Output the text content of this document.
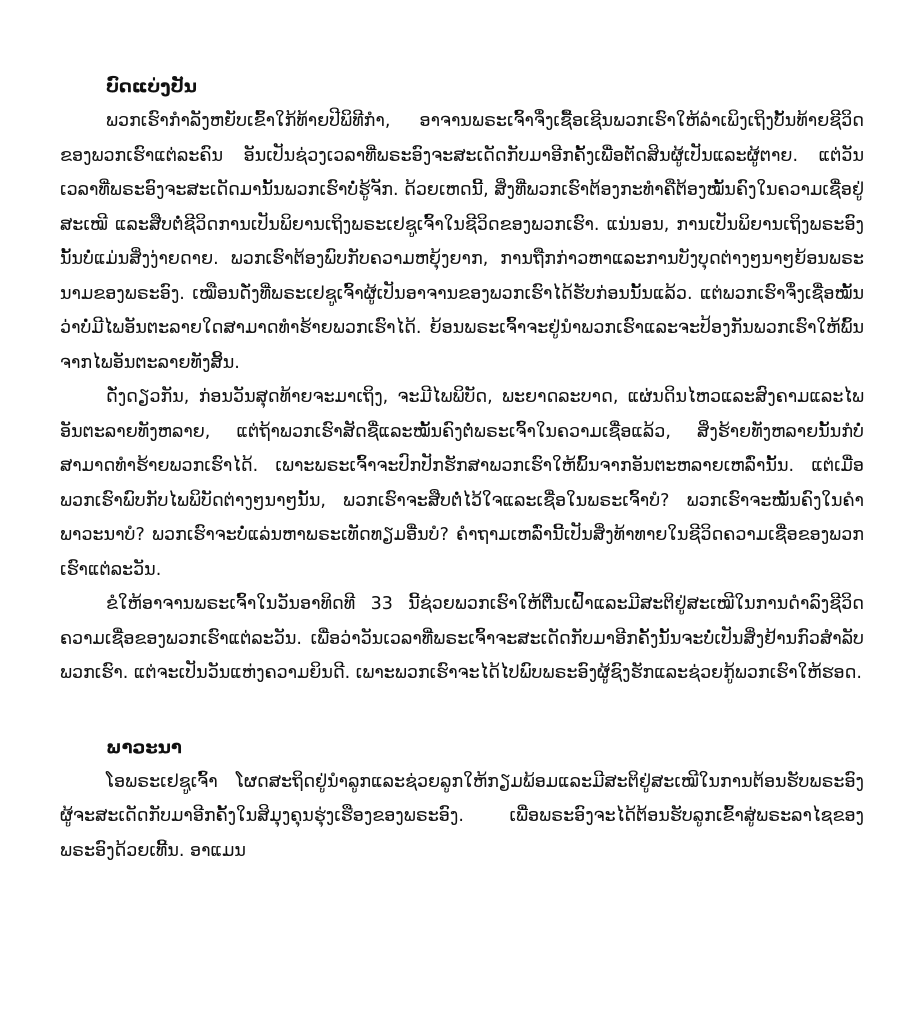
ບົດແບ່ງປັນ

ພວກເຮົາກຳລັງຫຍັບເຂົ້າໃກ້ທ້າຍປີພິທີກຳ, ອາຈານພຣະເຈົ້າຈຶ່ງເຊື້ອເຊີນພວກເຮົາໃຫ້ລຳເພິງເຖິງບັ້ນທ້າຍຊີວິດຂອງພວກເຮົາແຕ່ລະຄົນ ອັນເປັນຊ່ວງເວລາທີ່ພຣະອົງຈະສະເດັດກັບມາອີກຄັ້ງເພື່ອຕັດສິນຜູ້ເປັນແລະຜູ້ຕາຍ. ແຕ່ວັນເວລາທີ່ພຣະອົງຈະສະເດັດມານັ້ນພວກເຮົາບໍ່ຮູ້ຈັກ. ດ້ວຍເຫດນີ້, ສິ່ງທີ່ພວກເຮົາຕ້ອງກະທຳຄືຕ້ອງໝັ້ນຄົງໃນຄວາມເຊື່ອຢູ່ສະເໝີ ແລະສືບຕໍ່ຊີວິດການເປັນພິຍານເຖິງພຣະເຢຊູເຈົ້າໃນຊີວິດຂອງພວກເຮົາ. ແນ່ນອນ, ການເປັນພິຍານເຖິງພຣະອົງນັ້ນບໍ່ແມ່ນສິ່ງງ່າຍດາຍ. ພວກເຮົາຕ້ອງພົບກັບຄວາມຫຍຸ້ງຍາກ, ການຖືກກ່າວຫາແລະການບັງບຸດຕ່າງໆນາໆຍ້ອນພຣະນາມຂອງພຣະອົງ. ເໝືອນດັ່ງທີ່ພຣະເຢຊູເຈົ້າຜູ້ເປັນອາຈານຂອງພວກເຮົາໄດ້ຮັບກ່ອນນັ້ນແລ້ວ. ແຕ່ພວກເຮົາຈຶ່ງເຊື່ອໝັ້ນວ່າບໍ່ມີໄພອັນຕະລາຍໃດສາມາດທຳຮ້າຍພວກເຮົາໄດ້. ຍ້ອນພຣະເຈົ້າຈະຢູ່ນຳພວກເຮົາແລະຈະປ້ອງກັນພວກເຮົາໃຫ້ພົ້ນຈາກໄພອັນຕະລາຍທັງສິ້ນ.

ດັ່ງດຽວກັນ, ກ່ອນວັນສຸດທ້າຍຈະມາເຖິງ, ຈະມີໄພພິບັດ, ພະຍາດລະບາດ, ແຜ່ນດິນໄຫວແລະສົງຄາມແລະໄພອັນຕະລາຍທັງຫລາຍ, ແຕ່ຖ້າພວກເຮົາສັດຊື່ແລະໝັ້ນຄົງຕໍ່ພຣະເຈົ້າໃນຄວາມເຊື່ອແລ້ວ, ສິ່ງຮ້າຍທັງຫລາຍນັ້ນກໍບໍ່ສາມາດທຳຮ້າຍພວກເຮົາໄດ້. ເພາະພຣະເຈົ້າຈະປົກປັກຮັກສາພວກເຮົາໃຫ້ພົ້ນຈາກອັນຕະຫລາຍເຫລົ່ານັ້ນ. ແຕ່ເມື່ອພວກເຮົາພົບກັບໄພພິບັດຕ່າງໆນາໆນັ້ນ, ພວກເຮົາຈະສືບຕໍ່ໄວ້ໃຈແລະເຊື່ອໃນພຣະເຈົ້າບໍ? ພວກເຮົາຈະໝັ້ນຄົງໃນຄຳພາວະນາບໍ? ພວກເຮົາຈະບໍ່ແລ່ນຫາພຣະເທັດທຽມອື່ນບໍ? ຄຳຖາມເຫລົ່ານີ້ເປັນສິ່ງທ້າທາຍໃນຊີວິດຄວາມເຊື່ອຂອງພວກເຮົາແຕ່ລະວັນ.

ຂໍໃຫ້ອາຈານພຣະເຈົ້າໃນວັນອາທິດທີ 33 ນີ້ຊ່ວຍພວກເຮົາໃຫ້ຕື່ນເຝົ້າແລະມີສະຕິຢູ່ສະເໝີໃນການດຳລົງຊີວິດຄວາມເຊື່ອຂອງພວກເຮົາແຕ່ລະວັນ. ເພື່ອວ່າວັນເວລາທີ່ພຣະເຈົ້າຈະສະເດັດກັບມາອີກຄັ້ງນັ້ນຈະບໍ່ເປັນສິ່ງຢ້ານກົວສຳລັບພວກເຮົາ. ແຕ່ຈະເປັນວັນແຫ່ງຄວາມຍິນດີ. ເພາະພວກເຮົາຈະໄດ້ໄປພົບພຣະອົງຜູ້ຊົງຮັກແລະຊ່ວຍກູ້ພວກເຮົາໃຫ້ຮອດ.

ພາວະນາ

ໂອພຣະເຢຊູເຈົ້າ ໂຜດສະຖິດຢູ່ນຳລູກແລະຊ່ວຍລູກໃຫ້ກຽມພ້ອມແລະມີສະຕິຢູ່ສະເໝີໃນການຕ້ອນຮັບພຣະອົງຜູ້ຈະສະເດັດກັບມາອີກຄັ້ງໃນສິມຸງຄຸນຮຸ່ງເຮືອງຂອງພຣະອົງ. ເພື່ອພຣະອົງຈະໄດ້ຕ້ອນຮັບລູກເຂົ້າສູ່ພຣະລາໄຊຂອງພຣະອົງດ້ວຍເທີ້ນ. ອາແມນ
